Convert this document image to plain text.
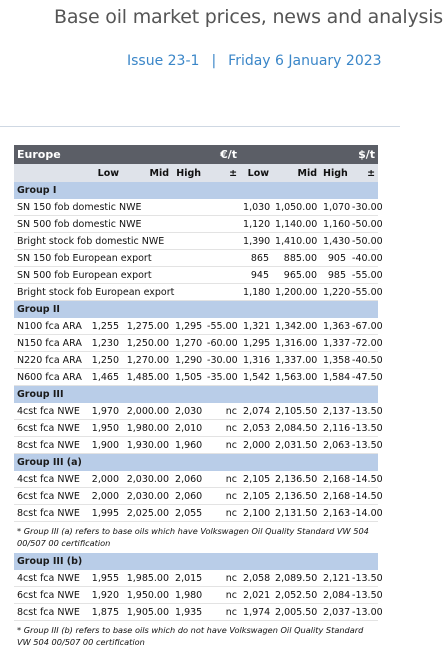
Base oil market prices, news and analysis
Issue 23-1 | Friday 6 January 2023
Europe			€/t		$/t			
	Low	Mid	High	±	Low	Mid	High	±
Group I								
SN 150 fob domestic NWE					1,030	1,050.00	1,070	-30.00
SN 500 fob domestic NWE					1,120	1,140.00	1,160	-50.00
Bright stock fob domestic NWE					1,390	1,410.00	1,430	-50.00
SN 150 fob European export					865	885.00	905	-40.00
SN 500 fob European export					945	965.00	985	-55.00
Bright stock fob European export					1,180	1,200.00	1,220	-55.00
Group II								
N100 fca ARA	1,255	1,275.00	1,295	-55.00	1,321	1,342.00	1,363	-67.00
N150 fca ARA	1,230	1,250.00	1,270	-60.00	1,295	1,316.00	1,337	-72.00
N220 fca ARA	1,250	1,270.00	1,290	-30.00	1,316	1,337.00	1,358	-40.50
N600 fca ARA	1,465	1,485.00	1,505	-35.00	1,542	1,563.00	1,584	-47.50
Group III								
4cst fca NWE	1,970	2,000.00	2,030	nc	2,074	2,105.50	2,137	-13.50
6cst fca NWE	1,950	1,980.00	2,010	nc	2,053	2,084.50	2,116	-13.50
8cst fca NWE	1,900	1,930.00	1,960	nc	2,000	2,031.50	2,063	-13.50
Group III (a)								
4cst fca NWE	2,000	2,030.00	2,060	nc	2,105	2,136.50	2,168	-14.50
6cst fca NWE	2,000	2,030.00	2,060	nc	2,105	2,136.50	2,168	-14.50
8cst fca NWE	1,995	2,025.00	2,055	nc	2,100	2,131.50	2,163	-14.00
* Group III (a) refers to base oils which have Volkswagen Oil Quality Standard VW 504 00/507 00 certification								
Group III (b)								
4cst fca NWE	1,955	1,985.00	2,015	nc	2,058	2,089.50	2,121	-13.50
6cst fca NWE	1,920	1,950.00	1,980	nc	2,021	2,052.50	2,084	-13.50
8cst fca NWE	1,875	1,905.00	1,935	nc	1,974	2,005.50	2,037	-13.00
* Group III (b) refers to base oils which do not have Volkswagen Oil Quality Standard VW 504 00/507 00 certification								
